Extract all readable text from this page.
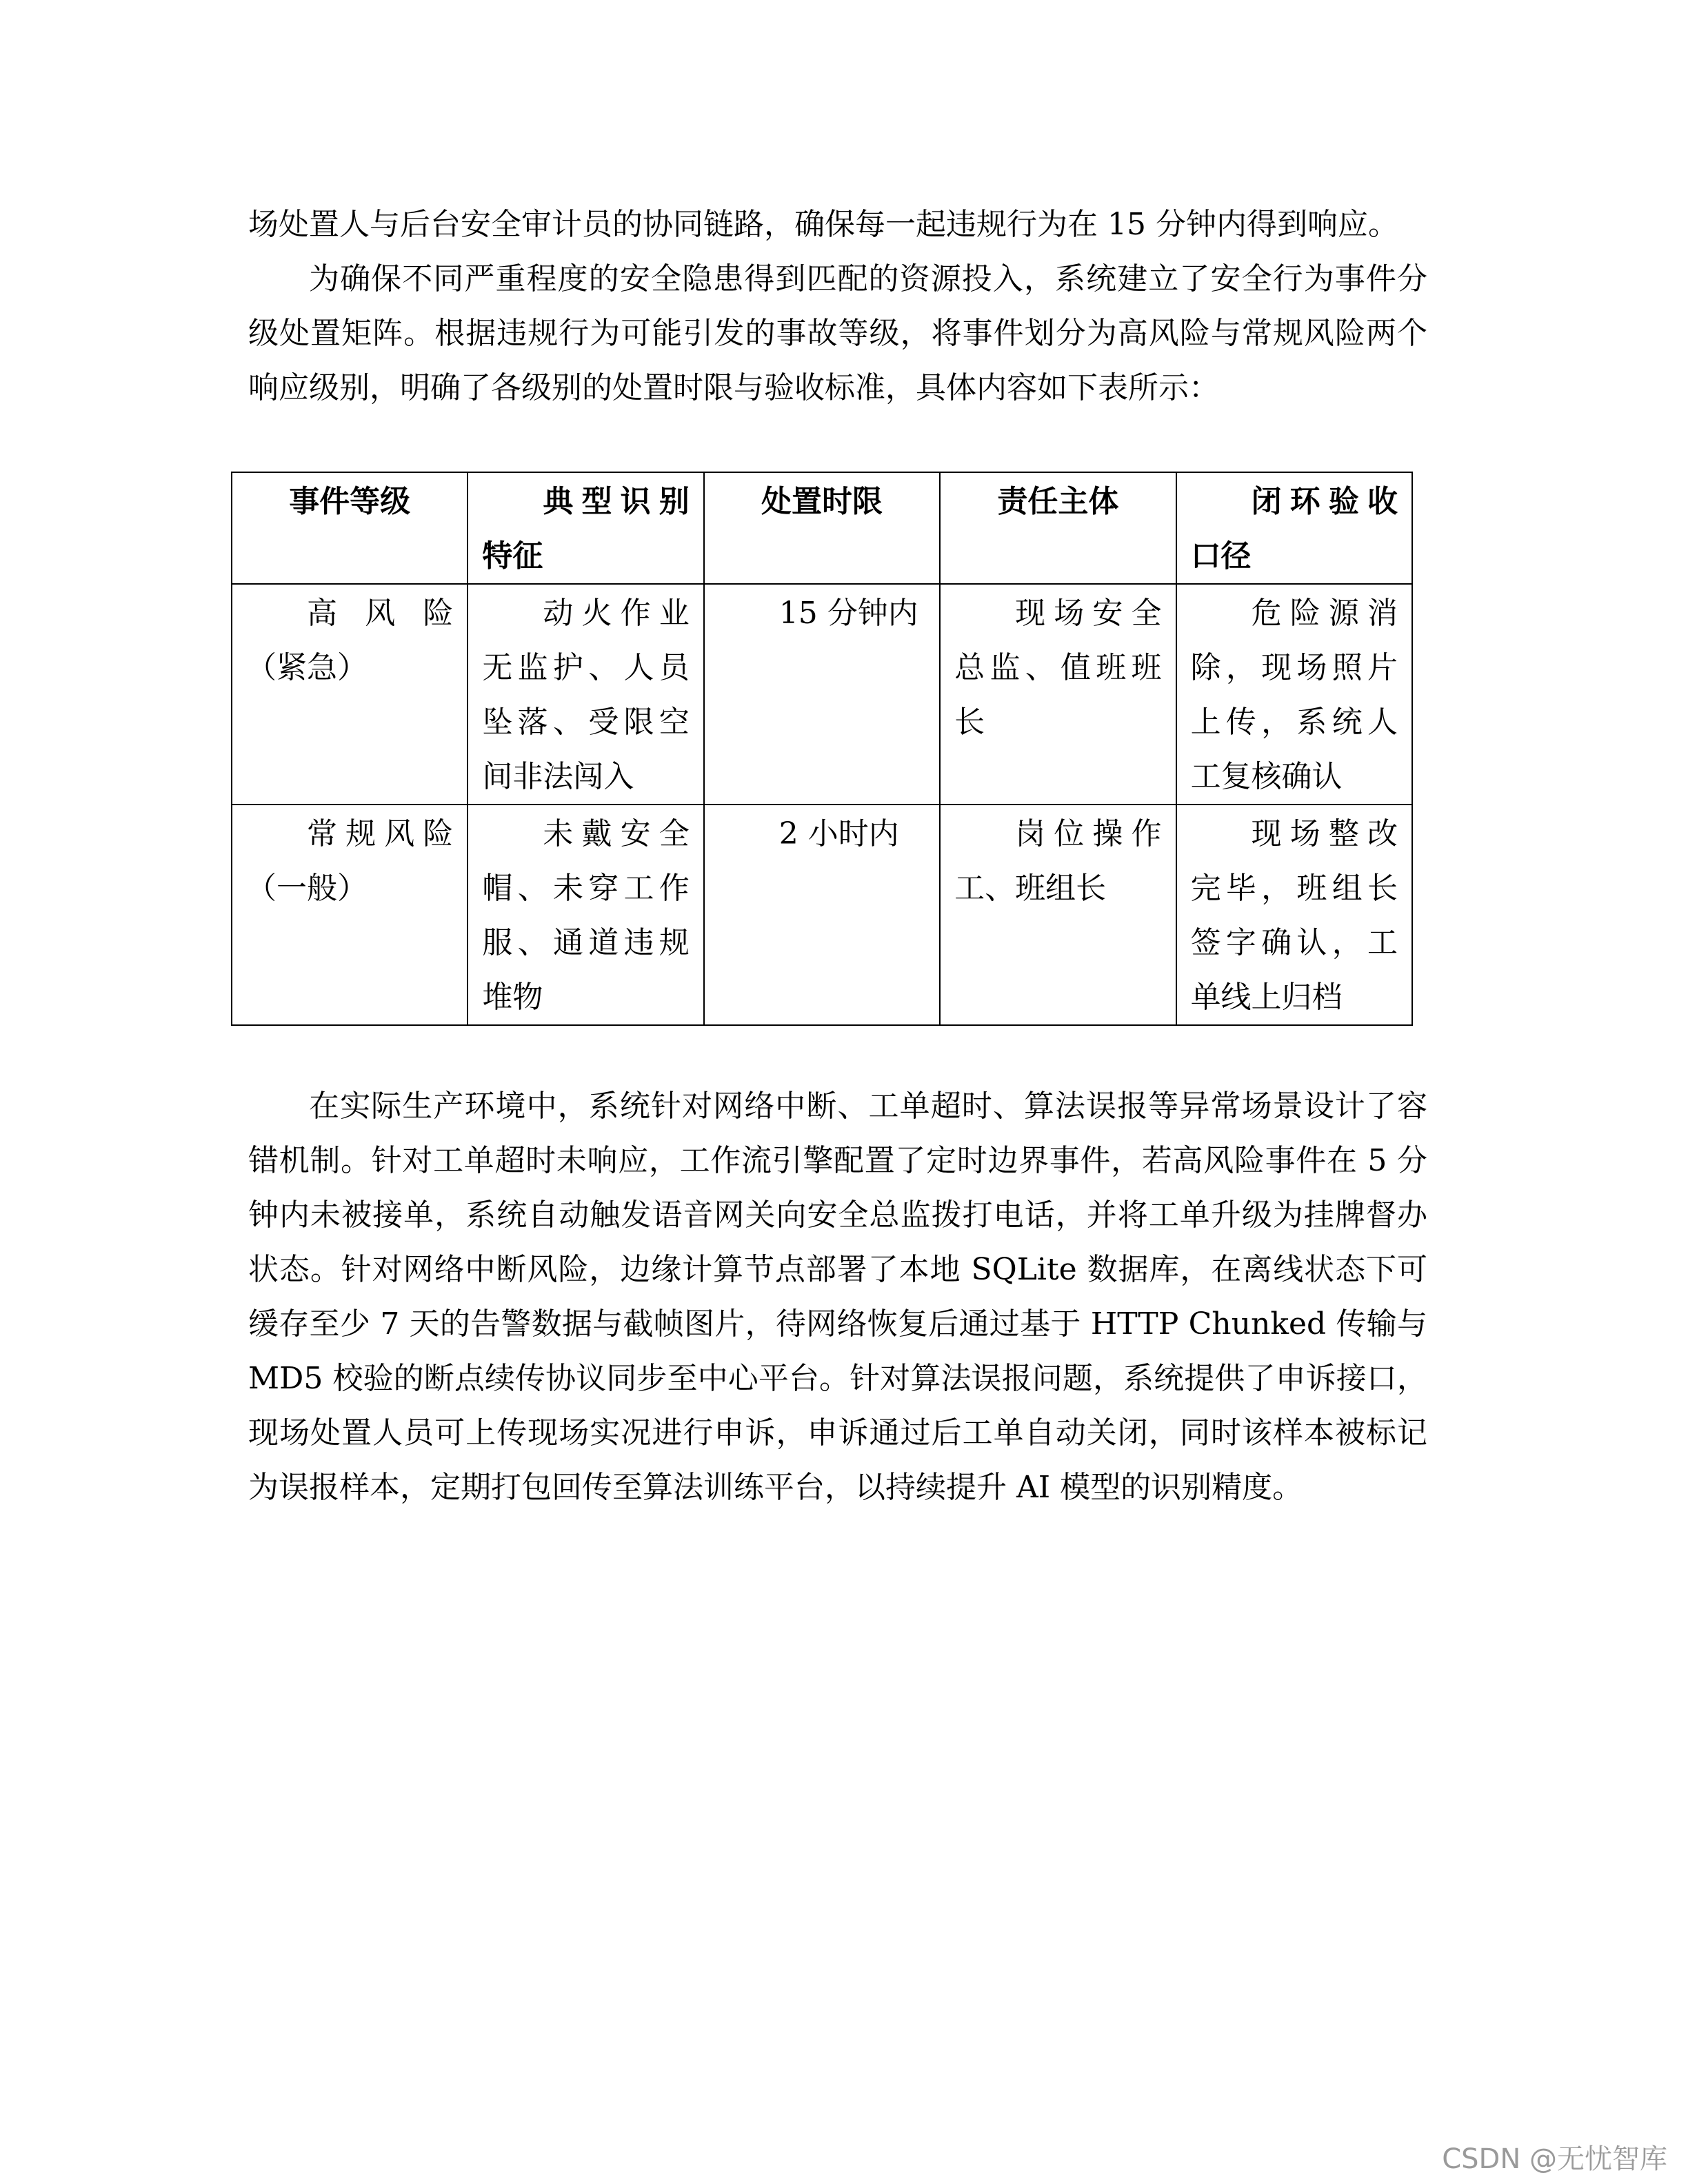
场处置人与后台安全审计员的协同链路，确保每一起违规行为在 15 分钟内得到响应。

为确保不同严重程度的安全隐患得到匹配的资源投入，系统建立了安全行为事件分级处置矩阵。根据违规行为可能引发的事故等级，将事件划分为高风险与常规风险两个响应级别，明确了各级别的处置时限与验收标准，具体内容如下表所示：

事件等级	典型识别特征	处置时限	责任主体	闭环验收口径
高风险（紧急）	动火作业无监护、人员坠落、受限空间非法闯入	15 分钟内	现场安全总监、值班班长	危险源消除，现场照片上传，系统人工复核确认
常规风险（一般）	未戴安全帽、未穿工作服、通道违规堆物	2 小时内	岗位操作工、班组长	现场整改完毕，班组长签字确认，工单线上归档

在实际生产环境中，系统针对网络中断、工单超时、算法误报等异常场景设计了容错机制。针对工单超时未响应，工作流引擎配置了定时边界事件，若高风险事件在 5 分钟内未被接单，系统自动触发语音网关向安全总监拨打电话，并将工单升级为挂牌督办状态。针对网络中断风险，边缘计算节点部署了本地 SQLite 数据库，在离线状态下可缓存至少 7 天的告警数据与截帧图片，待网络恢复后通过基于 HTTP Chunked 传输与 MD5 校验的断点续传协议同步至中心平台。针对算法误报问题，系统提供了申诉接口，现场处置人员可上传现场实况进行申诉，申诉通过后工单自动关闭，同时该样本被标记为误报样本，定期打包回传至算法训练平台，以持续提升 AI 模型的识别精度。

CSDN @无忧智库
